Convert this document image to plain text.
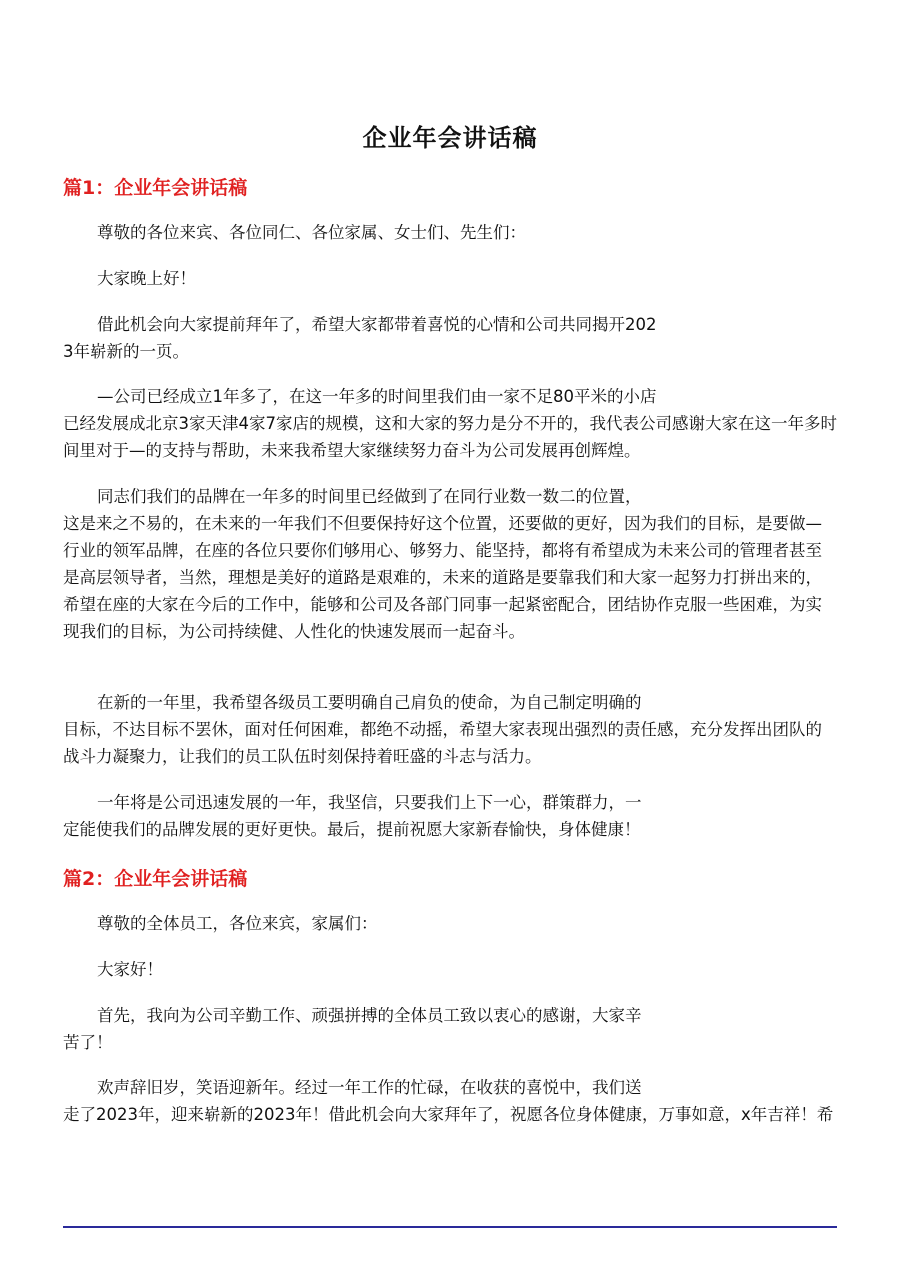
企业年会讲话稿
篇1：企业年会讲话稿
尊敬的各位来宾、各位同仁、各位家属、女士们、先生们：
大家晚上好！
借此机会向大家提前拜年了，希望大家都带着喜悦的心情和公司共同揭开202
3年崭新的一页。
—公司已经成立1年多了，在这一年多的时间里我们由一家不足80平米的小店
已经发展成北京3家天津4家7家店的规模，这和大家的努力是分不开的，我代表公司感谢大家在这一年多时间里对于—的支持与帮助，未来我希望大家继续努力奋斗为公司发展再创辉煌。
同志们我们的品牌在一年多的时间里已经做到了在同行业数一数二的位置，
这是来之不易的，在未来的一年我们不但要保持好这个位置，还要做的更好，因为我们的目标，是要做—行业的领军品牌，在座的各位只要你们够用心、够努力、能坚持，都将有希望成为未来公司的管理者甚至是高层领导者，当然，理想是美好的道路是艰难的，未来的道路是要靠我们和大家一起努力打拼出来的，希望在座的大家在今后的工作中，能够和公司及各部门同事一起紧密配合，团结协作克服一些困难，为实现我们的目标，为公司持续健、人性化的快速发展而一起奋斗。
在新的一年里，我希望各级员工要明确自己肩负的使命，为自己制定明确的
目标，不达目标不罢休，面对任何困难，都绝不动摇，希望大家表现出强烈的责任感，充分发挥出团队的战斗力凝聚力，让我们的员工队伍时刻保持着旺盛的斗志与活力。
一年将是公司迅速发展的一年，我坚信，只要我们上下一心，群策群力，一
定能使我们的品牌发展的更好更快。最后，提前祝愿大家新春愉快，身体健康！
篇2：企业年会讲话稿
尊敬的全体员工，各位来宾，家属们：
大家好！
首先，我向为公司辛勤工作、顽强拼搏的全体员工致以衷心的感谢，大家辛
苦了！
欢声辞旧岁，笑语迎新年。经过一年工作的忙碌，在收获的喜悦中，我们送
走了2023年，迎来崭新的2023年！借此机会向大家拜年了，祝愿各位身体健康，万事如意，x年吉祥！希
